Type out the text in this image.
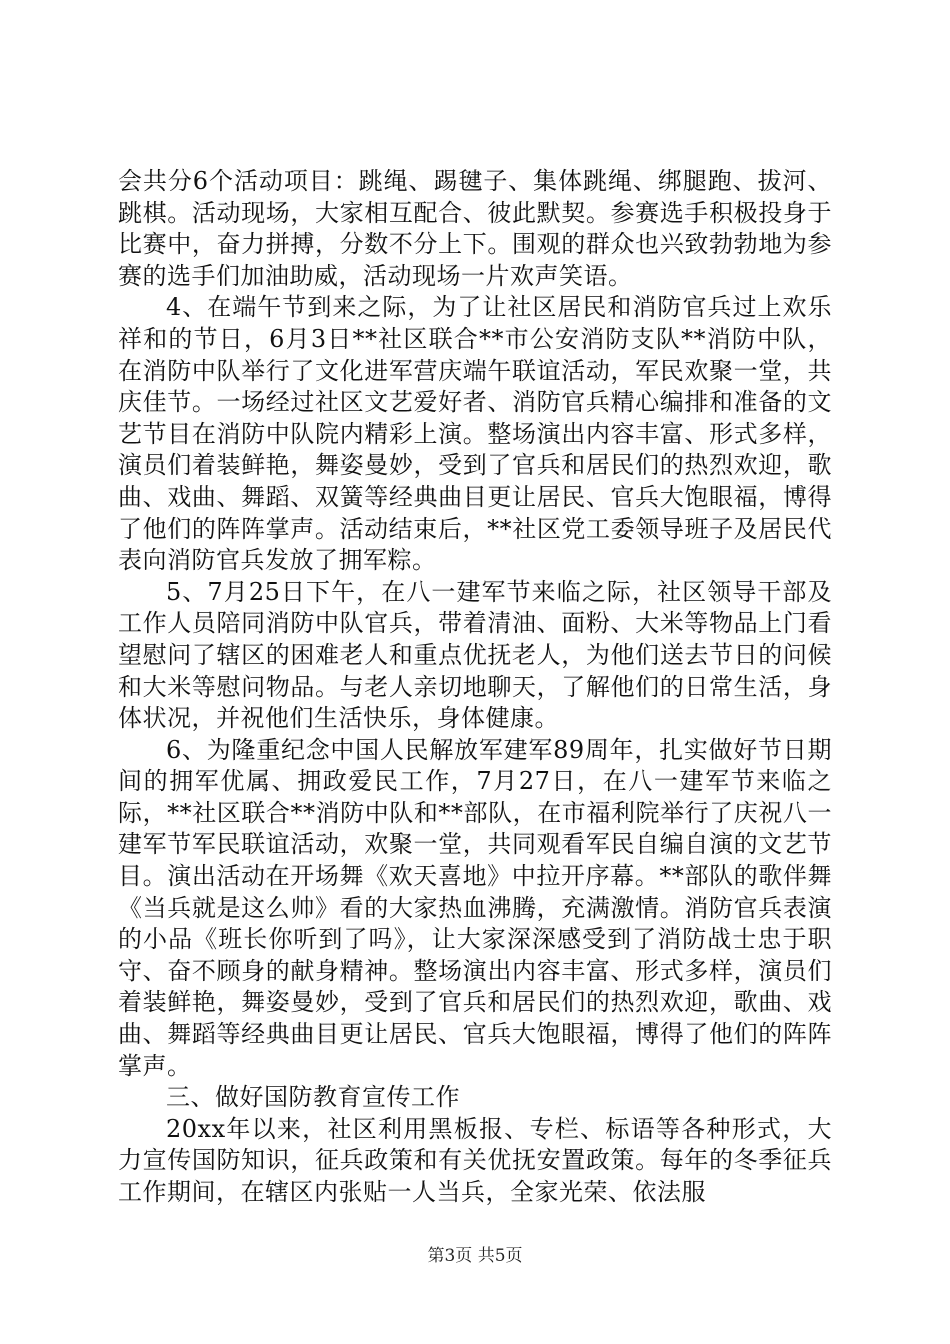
会共分6个活动项目：跳绳、踢毽子、集体跳绳、绑腿跑、拔河、跳棋。活动现场，大家相互配合、彼此默契。参赛选手积极投身于比赛中，奋力拼搏，分数不分上下。围观的群众也兴致勃勃地为参赛的选手们加油助威，活动现场一片欢声笑语。

4、在端午节到来之际，为了让社区居民和消防官兵过上欢乐祥和的节日，6月3日**社区联合**市公安消防支队**消防中队，在消防中队举行了文化进军营庆端午联谊活动，军民欢聚一堂，共庆佳节。一场经过社区文艺爱好者、消防官兵精心编排和准备的文艺节目在消防中队院内精彩上演。整场演出内容丰富、形式多样，演员们着装鲜艳，舞姿曼妙，受到了官兵和居民们的热烈欢迎，歌曲、戏曲、舞蹈、双簧等经典曲目更让居民、官兵大饱眼福，博得了他们的阵阵掌声。活动结束后，**社区党工委领导班子及居民代表向消防官兵发放了拥军粽。

5、7月25日下午，在八一建军节来临之际，社区领导干部及工作人员陪同消防中队官兵，带着清油、面粉、大米等物品上门看望慰问了辖区的困难老人和重点优抚老人，为他们送去节日的问候和大米等慰问物品。与老人亲切地聊天，了解他们的日常生活，身体状况，并祝他们生活快乐，身体健康。

6、为隆重纪念中国人民解放军建军89周年，扎实做好节日期间的拥军优属、拥政爱民工作，7月27日，在八一建军节来临之际，**社区联合**消防中队和**部队，在市福利院举行了庆祝八一建军节军民联谊活动，欢聚一堂，共同观看军民自编自演的文艺节目。演出活动在开场舞《欢天喜地》中拉开序幕。**部队的歌伴舞《当兵就是这么帅》看的大家热血沸腾，充满激情。消防官兵表演的小品《班长你听到了吗》，让大家深深感受到了消防战士忠于职守、奋不顾身的献身精神。整场演出内容丰富、形式多样，演员们着装鲜艳，舞姿曼妙，受到了官兵和居民们的热烈欢迎，歌曲、戏曲、舞蹈等经典曲目更让居民、官兵大饱眼福，博得了他们的阵阵掌声。

三、做好国防教育宣传工作

20xx年以来，社区利用黑板报、专栏、标语等各种形式，大力宣传国防知识，征兵政策和有关优抚安置政策。每年的冬季征兵工作期间，在辖区内张贴一人当兵，全家光荣、依法服

第3页 共5页
